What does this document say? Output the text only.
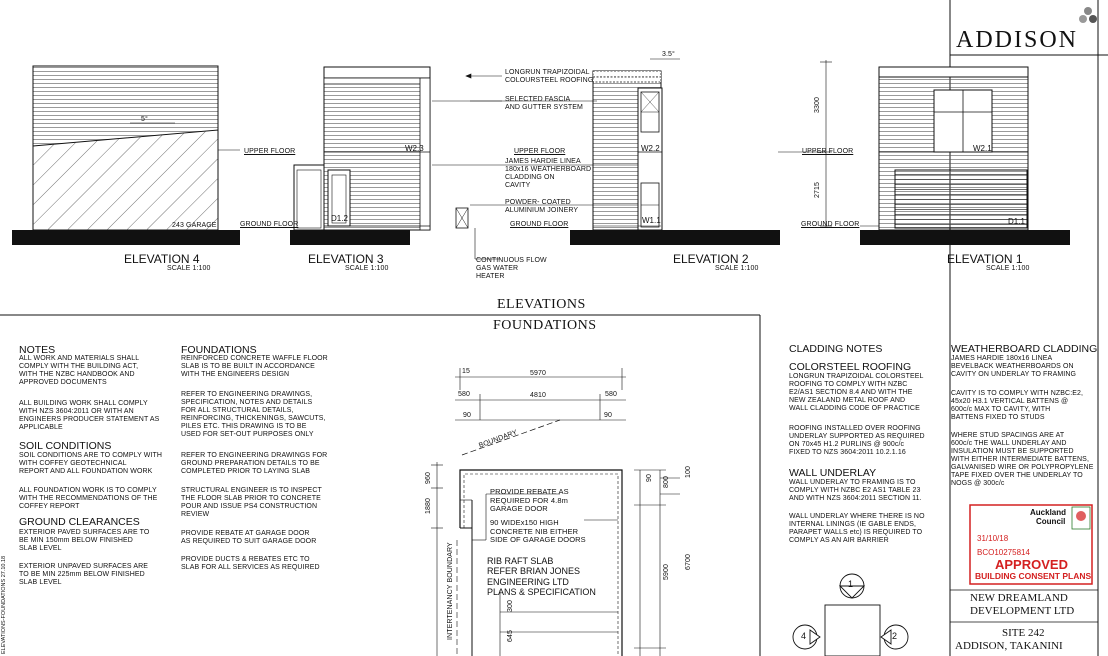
ADDISON
ELEVATION 4
SCALE 1:100
5°
243 GARAGE
ELEVATION 3
SCALE 1:100
W2.3
D1.2
ELEVATION 2
SCALE 1:100
W2.2
W1.1
3.5°
3300
2715
ELEVATION 1
SCALE 1:100
W2.1
D1.1
UPPER FLOOR
GROUND FLOOR
UPPER FLOOR
GROUND FLOOR
UPPER FLOOR
GROUND FLOOR
LONGRUN TRAPIZOIDAL
COLOURSTEEL ROOFING
SELECTED FASCIA
AND GUTTER SYSTEM
JAMES HARDIE LINEA
180x16 WEATHERBOARD
CLADDING ON
CAVITY
POWDER- COATED
ALUMINIUM JOINERY
CONTINUOUS FLOW
GAS WATER
HEATER
ELEVATIONS
FOUNDATIONS
NOTES
ALL WORK AND MATERIALS SHALL
COMPLY WITH THE BUILDING ACT,
WITH THE NZBC HANDBOOK AND
APPROVED DOCUMENTS
ALL BUILDING WORK SHALL COMPLY
WITH NZS 3604:2011 OR WITH AN
ENGINEERS PRODUCER STATEMENT AS
APPLICABLE
SOIL CONDITIONS
SOIL CONDITIONS ARE TO COMPLY WITH
WITH COFFEY GEOTECHNICAL
REPORT AND ALL FOUNDATION WORK
ALL FOUNDATION WORK IS TO COMPLY
WITH THE RECOMMENDATIONS OF THE
COFFEY REPORT
GROUND CLEARANCES
EXTERIOR PAVED SURFACES ARE TO
BE MIN 150mm BELOW FINISHED
SLAB LEVEL
EXTERIOR UNPAVED SURFACES ARE
TO BE MIN 225mm BELOW FINISHED
SLAB LEVEL
FOUNDATIONS
REINFORCED CONCRETE WAFFLE FLOOR
SLAB IS TO BE BUILT IN ACCORDANCE
WITH THE ENGINEERS DESIGN
REFER TO ENGINEERING DRAWINGS,
SPECIFICATION, NOTES AND DETAILS
FOR ALL STRUCTURAL DETAILS,
REINFORCING, THICKENINGS, SAWCUTS,
PILES ETC. THIS DRAWING IS TO BE
USED FOR SET-OUT PURPOSES ONLY
REFER TO ENGINEERING DRAWINGS FOR
GROUND PREPARATION DETAILS TO BE
COMPLETED PRIOR TO LAYING SLAB
STRUCTURAL ENGINEER IS TO INSPECT
THE FLOOR SLAB PRIOR TO CONCRETE
POUR AND ISSUE PS4 CONSTRUCTION
REVIEW
PROVIDE REBATE AT GARAGE DOOR
AS REQUIRED TO SUIT GARAGE DOOR
PROVIDE DUCTS & REBATES ETC TO
SLAB FOR ALL SERVICES AS REQUIRED
15	5970
580	4810	580
90	90
BOUNDARY
960
1880
90 800
100
5900
6700
300
645
INTERTENANCY BOUNDARY
PROVIDE REBATE AS
REQUIRED FOR 4.8m
GARAGE DOOR
90 WIDEx150 HIGH
CONCRETE NIB EITHER
SIDE OF GARAGE DOORS
RIB RAFT SLAB
REFER BRIAN JONES
ENGINEERING LTD
PLANS & SPECIFICATION
1
4	2
CLADDING NOTES
COLORSTEEL ROOFING
LONGRUN TRAPIZOIDAL COLORSTEEL
ROOFING TO COMPLY WITH NZBC
E2/AS1 SECTION 8.4 AND WITH THE
NEW ZEALAND METAL ROOF AND
WALL CLADDING CODE OF PRACTICE
ROOFING INSTALLED OVER ROOFING
UNDERLAY SUPPORTED AS REQUIRED
ON 70x45 H1.2 PURLINS @ 900c/c
FIXED TO NZS 3604:2011 10.2.1.16
WALL UNDERLAY
WALL UNDERLAY TO FRAMING IS TO
COMPLY WITH NZBC E2 AS1 TABLE 23
AND WITH NZS 3604:2011 SECTION 11.
WALL UNDERLAY WHERE THERE IS NO
INTERNAL LININGS (IE GABLE ENDS,
PARAPET WALLS etc) IS REQUIRED TO
COMPLY AS AN AIR BARRIER
WEATHERBOARD CLADDING
JAMES HARDIE 180x16 LINEA
BEVELBACK WEATHERBOARDS ON
CAVITY ON UNDERLAY TO FRAMING
CAVITY IS TO COMPLY WITH NZBC:E2,
45x20 H3.1 VERTICAL BATTENS @
600c/c MAX TO CAVITY, WITH
BATTENS FIXED TO STUDS
WHERE STUD SPACINGS ARE AT
600c/c THE WALL UNDERLAY AND
INSULATION MUST BE SUPPORTED
WITH EITHER INTERMEDIATE BATTENS,
GALVANISED WIRE OR POLYPROPYLENE
TAPE FIXED OVER THE UNDERLAY TO
NOGS @ 300c/c
Auckland
Council
31/10/18
BCO10275814
APPROVED
BUILDING CONSENT PLANS
NEW DREAMLAND
DEVELOPMENT LTD
SITE 242
ADDISON, TAKANINI
ELEVATIONS-FOUNDATIONS 27.10.18
